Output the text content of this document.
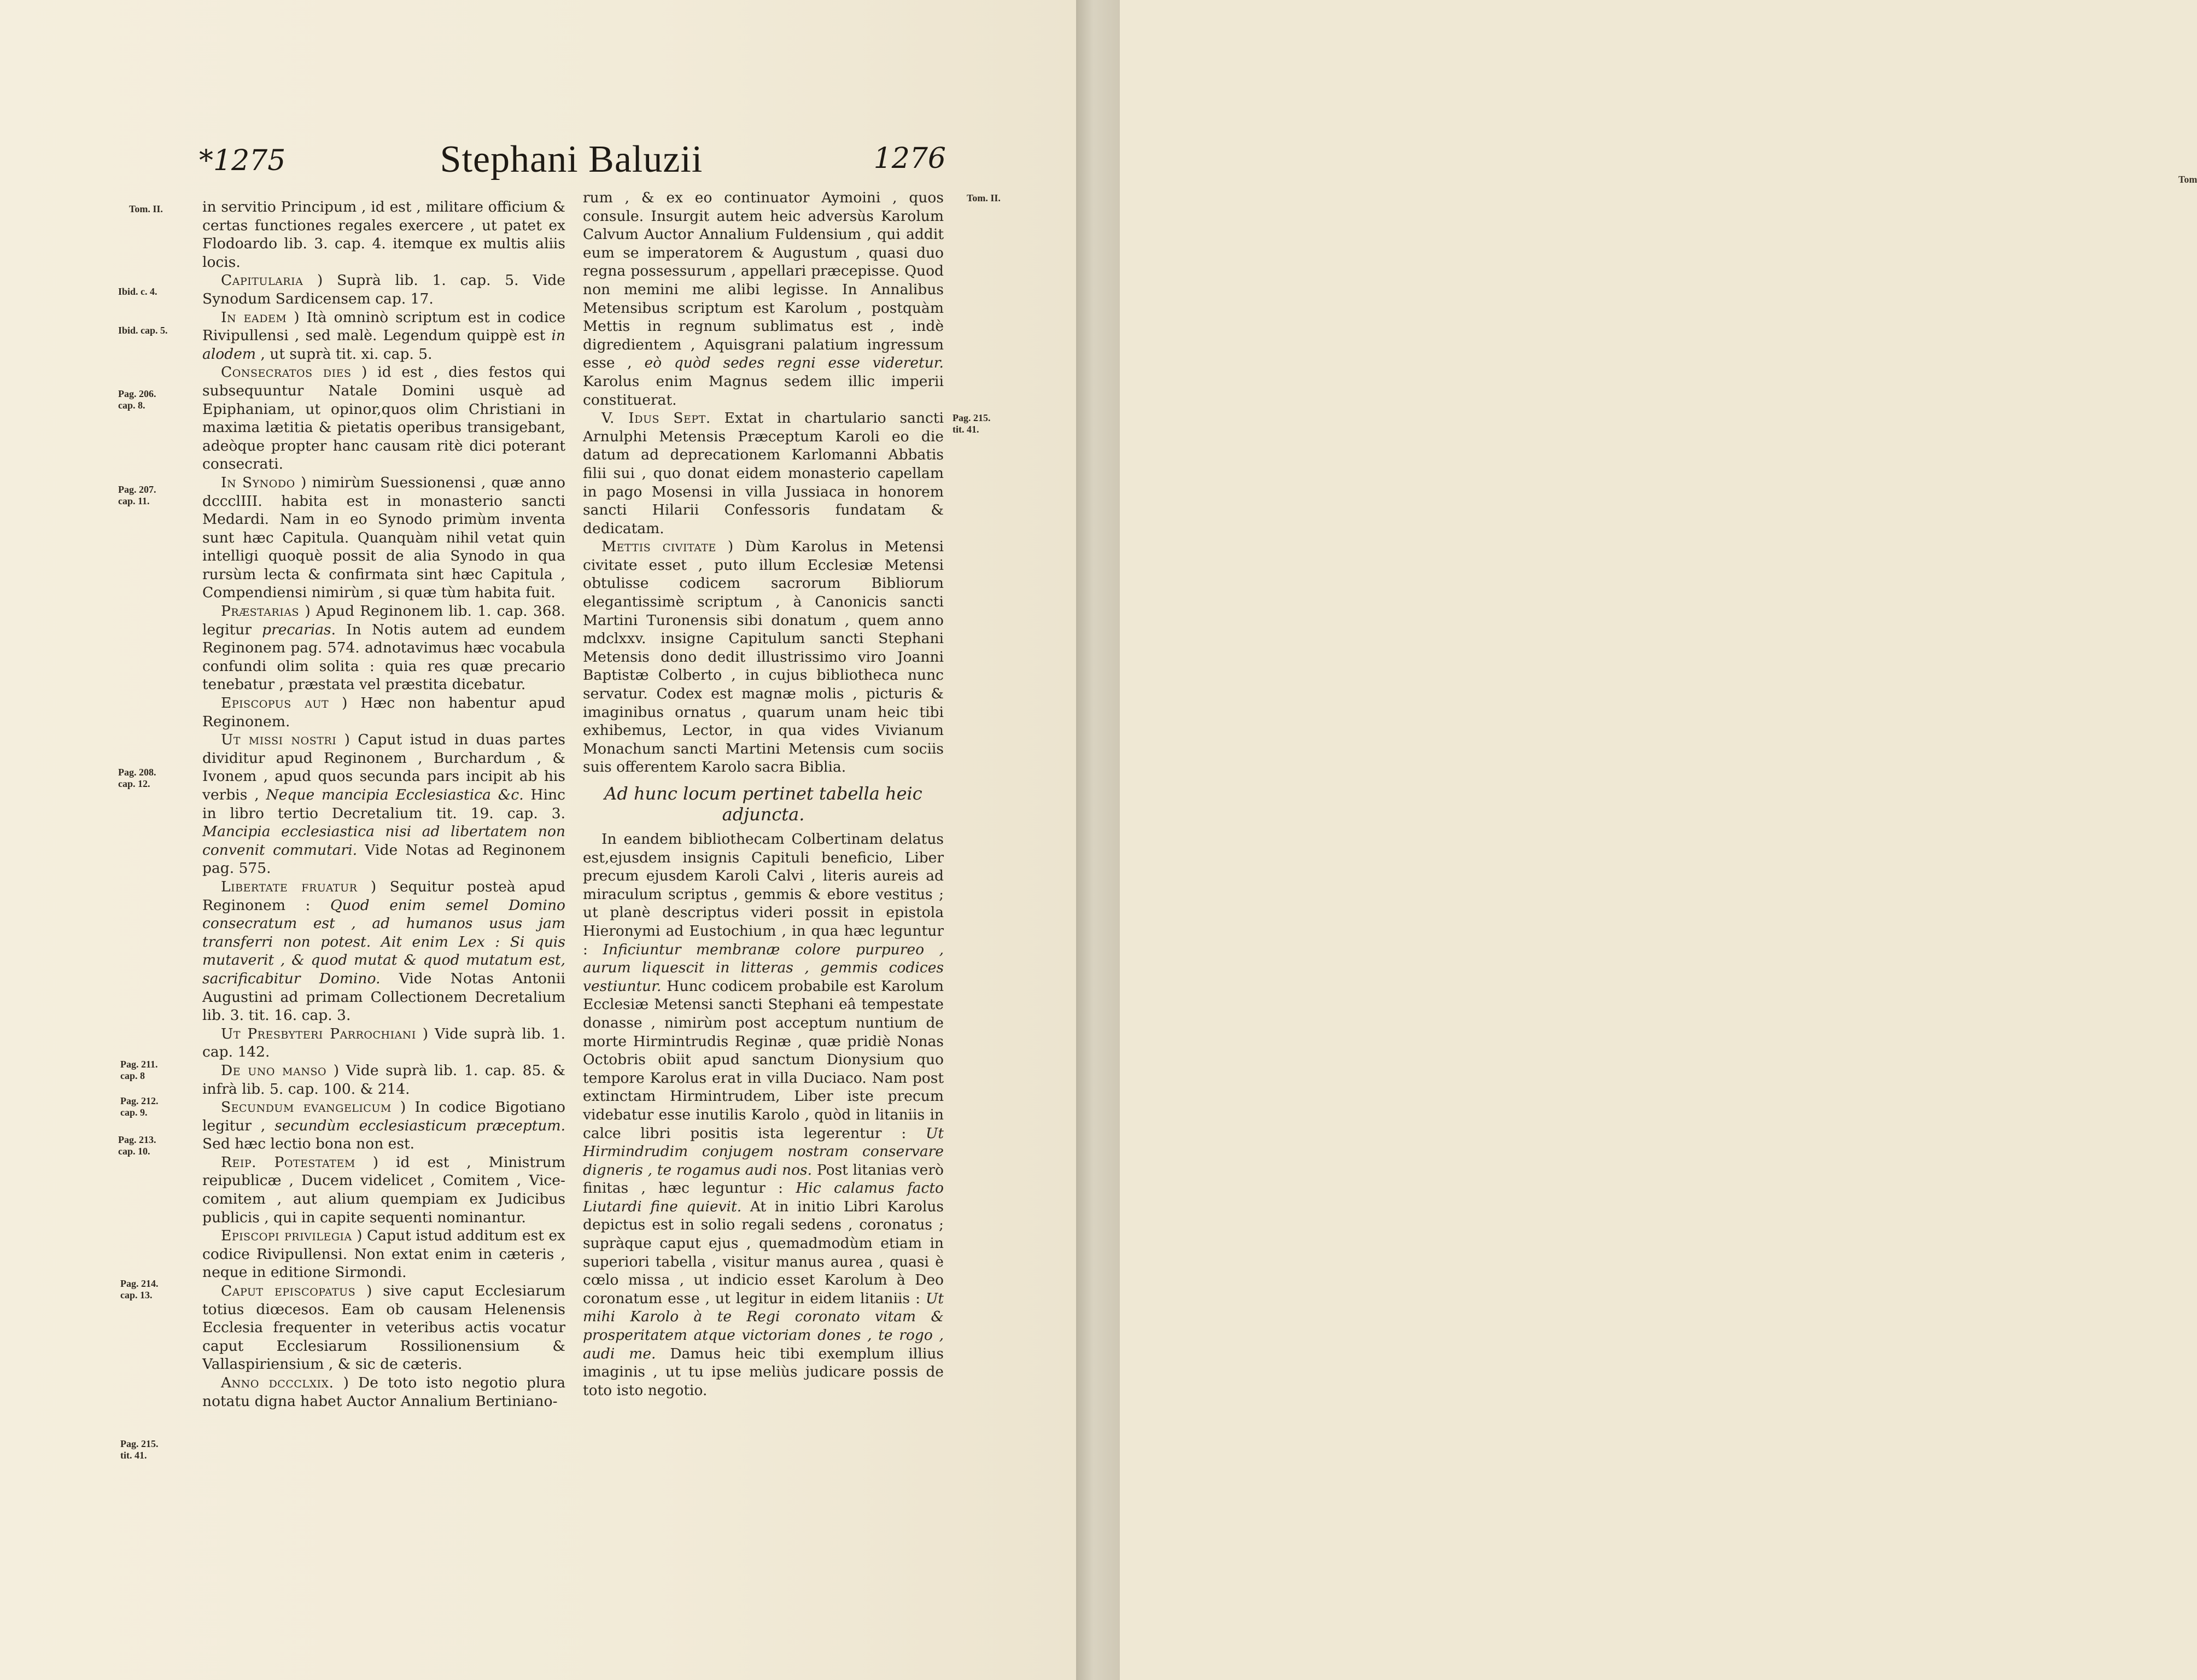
Tom
*1275	Stephani Baluzii	1276
Tom. II.
Ibid. c. 4.
Ibid. cap. 5.
Pag. 206.
cap. 8.
Pag. 207.
cap. 11.
Pag. 208.
cap. 12.
Pag. 211.
cap. 8
Pag. 212.
cap. 9.
Pag. 213.
cap. 10.
Pag. 214.
cap. 13.
Pag. 215.
tit. 41.
Tom. II.
Pag. 215.
tit. 41.

in servitio Principum , id est , militare officium & certas functiones regales exercere , ut patet ex Flodoardo lib. 3. cap. 4. itemque ex multis aliis locis.

Capitularia ) Suprà lib. 1. cap. 5. Vide Synodum Sardicensem cap. 17.

In eadem ) Ità omninò scriptum est in codice Rivipullensi , sed malè. Legendum quippè est in alodem , ut suprà tit. xi. cap. 5.

Consecratos dies ) id est , dies festos qui subsequuntur Natale Domini usquè ad Epiphaniam, ut opinor,quos olim Christiani in maxima lætitia & pietatis operibus transigebant, adeòque propter hanc causam ritè dici poterant consecrati.

In Synodo ) nimirùm Suessionensi , quæ anno dccclIII. habita est in monasterio sancti Medardi. Nam in eo Synodo primùm inventa sunt hæc Capitula. Quanquàm nihil vetat quin intelligi quoquè possit de alia Synodo in qua rursùm lecta & confirmata sint hæc Capitula , Compendiensi nimirùm , si quæ tùm habita fuit.

Præstarias ) Apud Reginonem lib. 1. cap. 368. legitur precarias. In Notis autem ad eundem Reginonem pag. 574. adnotavimus hæc vocabula confundi olim solita : quia res quæ precario tenebatur , præstata vel præstita dicebatur.

Episcopus aut ) Hæc non habentur apud Reginonem.

Ut missi nostri ) Caput istud in duas partes dividitur apud Reginonem , Burchardum , & Ivonem , apud quos secunda pars incipit ab his verbis , Neque mancipia Ecclesiastica &c. Hinc in libro tertio Decretalium tit. 19. cap. 3. Mancipia ecclesiastica nisi ad libertatem non convenit commutari. Vide Notas ad Reginonem pag. 575.

Libertate fruatur ) Sequitur posteà apud Reginonem : Quod enim semel Domino consecratum est , ad humanos usus jam transferri non potest. Ait enim Lex : Si quis mutaverit , & quod mutat & quod mutatum est, sacrificabitur Domino. Vide Notas Antonii Augustini ad primam Collectionem Decretalium lib. 3. tit. 16. cap. 3.

Ut Presbyteri Parrochiani ) Vide suprà lib. 1. cap. 142.

De uno manso ) Vide suprà lib. 1. cap. 85. & infrà lib. 5. cap. 100. & 214.

Secundum evangelicum ) In codice Bigotiano legitur , secundùm ecclesiasticum præceptum. Sed hæc lectio bona non est.

Reip. Potestatem ) id est , Ministrum reipublicæ , Ducem videlicet , Comitem , Vice-comitem , aut alium quempiam ex Judicibus publicis , qui in capite sequenti nominantur.

Episcopi privilegia ) Caput istud additum est ex codice Rivipullensi. Non extat enim in cæteris , neque in editione Sirmondi.

Caput episcopatus ) sive caput Ecclesiarum totius diœcesos. Eam ob causam Helenensis Ecclesia frequenter in veteribus actis vocatur caput Ecclesiarum Rossilionensium & Vallaspiriensium , & sic de cæteris.

Anno dccclxix. ) De toto isto negotio plura notatu digna habet Auctor Annalium Bertiniano-

rum , & ex eo continuator Aymoini , quos consule. Insurgit autem heic adversùs Karolum Calvum Auctor Annalium Fuldensium , qui addit eum se imperatorem & Augustum , quasi duo regna possessurum , appellari præcepisse. Quod non memini me alibi legisse. In Annalibus Metensibus scriptum est Karolum , postquàm Mettis in regnum sublimatus est , indè digredientem , Aquisgrani palatium ingressum esse , eò quòd sedes regni esse videretur. Karolus enim Magnus sedem illic imperii constituerat.

V. Idus Sept. Extat in chartulario sancti Arnulphi Metensis Præceptum Karoli eo die datum ad deprecationem Karlomanni Abbatis filii sui , quo donat eidem monasterio capellam in pago Mosensi in villa Jussiaca in honorem sancti Hilarii Confessoris fundatam & dedicatam.

Mettis civitate ) Dùm Karolus in Metensi civitate esset , puto illum Ecclesiæ Metensi obtulisse codicem sacrorum Bibliorum elegantissimè scriptum , à Canonicis sancti Martini Turonensis sibi donatum , quem anno mdclxxv. insigne Capitulum sancti Stephani Metensis dono dedit illustrissimo viro Joanni Baptistæ Colberto , in cujus bibliotheca nunc servatur. Codex est magnæ molis , picturis & imaginibus ornatus , quarum unam heic tibi exhibemus, Lector, in qua vides Vivianum Monachum sancti Martini Metensis cum sociis suis offerentem Karolo sacra Biblia.

Ad hunc locum pertinet tabella heic adjuncta.

In eandem bibliothecam Colbertinam delatus est,ejusdem insignis Capituli beneficio, Liber precum ejusdem Karoli Calvi , literis aureis ad miraculum scriptus , gemmis & ebore vestitus ; ut planè descriptus videri possit in epistola Hieronymi ad Eustochium , in qua hæc leguntur : Inficiuntur membranæ colore purpureo , aurum liquescit in litteras , gemmis codices vestiuntur. Hunc codicem probabile est Karolum Ecclesiæ Metensi sancti Stephani eâ tempestate donasse , nimirùm post acceptum nuntium de morte Hirmintrudis Reginæ , quæ pridiè Nonas Octobris obiit apud sanctum Dionysium quo tempore Karolus erat in villa Duciaco. Nam post extinctam Hirmintrudem, Liber iste precum videbatur esse inutilis Karolo , quòd in litaniis in calce libri positis ista legerentur : Ut Hirmindrudim conjugem nostram conservare digneris , te rogamus audi nos. Post litanias verò finitas , hæc leguntur : Hic calamus facto Liutardi fine quievit. At in initio Libri Karolus depictus est in solio regali sedens , coronatus ; supràque caput ejus , quemadmodùm etiam in superiori tabella , visitur manus aurea , quasi è cœlo missa , ut indicio esset Karolum à Deo coronatum esse , ut legitur in eidem litaniis : Ut mihi Karolo à te Regi coronato vitam & prosperitatem atque victoriam dones , te rogo , audi me. Damus heic tibi exemplum illius imaginis , ut tu ipse meliùs judicare possis de toto isto negotio.
